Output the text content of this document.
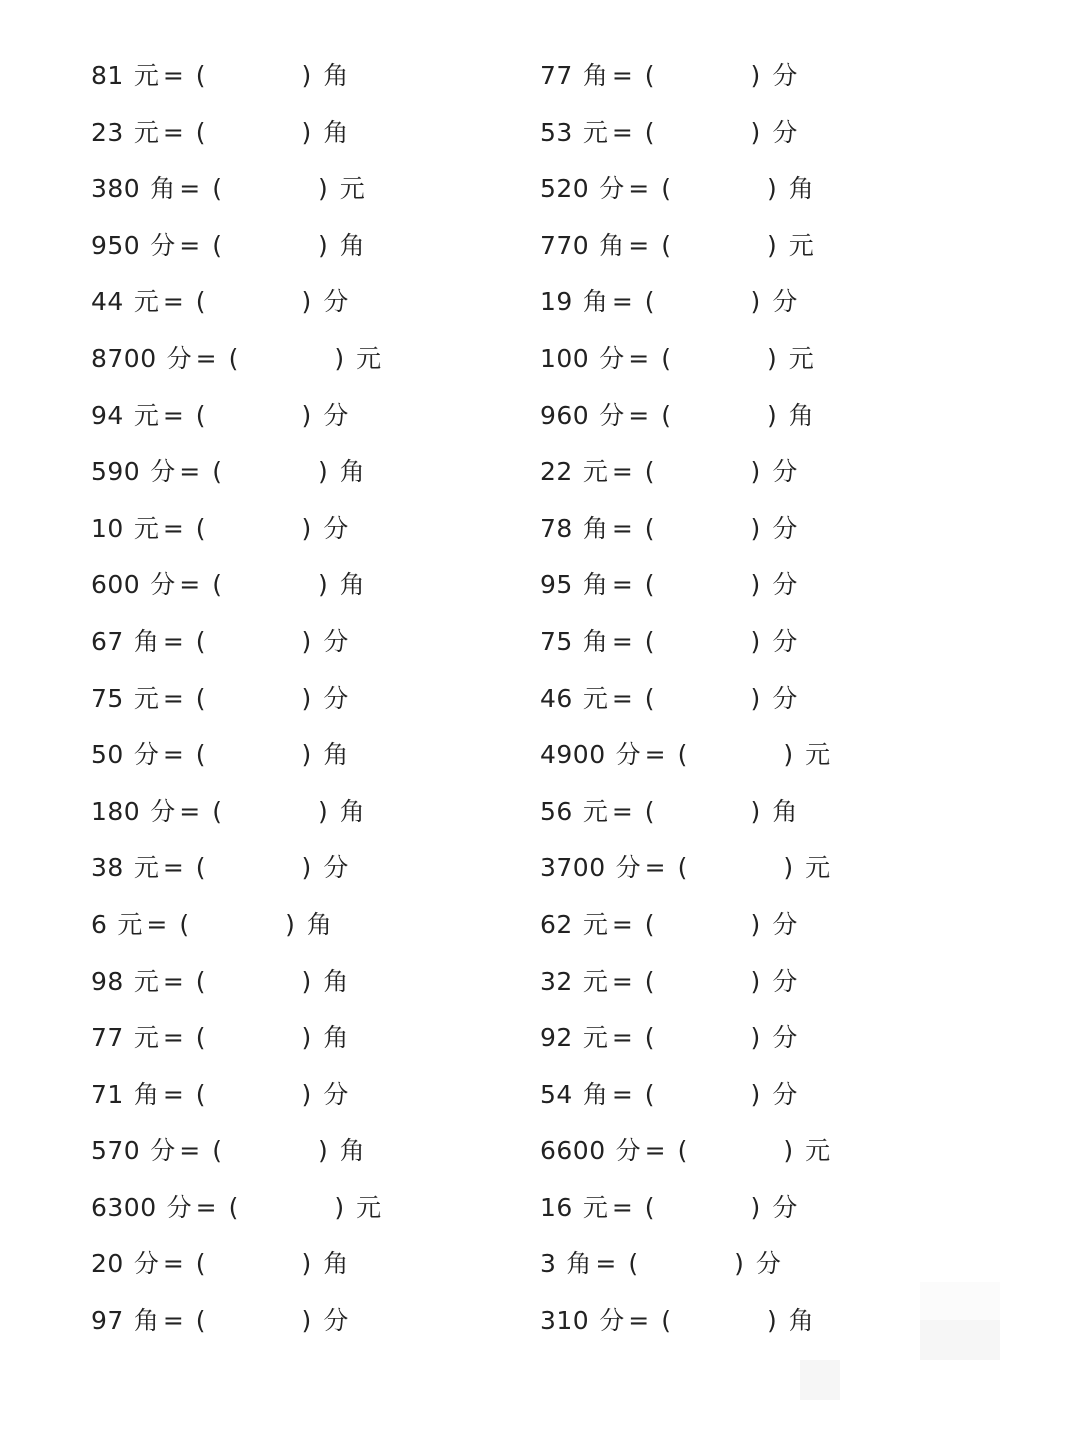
81 元 = (	) 角
23 元 = (	) 角
380 角 = (	) 元
950 分 = (	) 角
44 元 = (	) 分
8700 分 = (	) 元
94 元 = (	) 分
590 分 = (	) 角
10 元 = (	) 分
600 分 = (	) 角
67 角 = (	) 分
75 元 = (	) 分
50 分 = (	) 角
180 分 = (	) 角
38 元 = (	) 分
6 元 = (	) 角
98 元 = (	) 角
77 元 = (	) 角
71 角 = (	) 分
570 分 = (	) 角
6300 分 = (	) 元
20 分 = (	) 角
97 角 = (	) 分
77 角 = (	) 分
53 元 = (	) 分
520 分 = (	) 角
770 角 = (	) 元
19 角 = (	) 分
100 分 = (	) 元
960 分 = (	) 角
22 元 = (	) 分
78 角 = (	) 分
95 角 = (	) 分
75 角 = (	) 分
46 元 = (	) 分
4900 分 = (	) 元
56 元 = (	) 角
3700 分 = (	) 元
62 元 = (	) 分
32 元 = (	) 分
92 元 = (	) 分
54 角 = (	) 分
6600 分 = (	) 元
16 元 = (	) 分
3 角 = (	) 分
310 分 = (	) 角
